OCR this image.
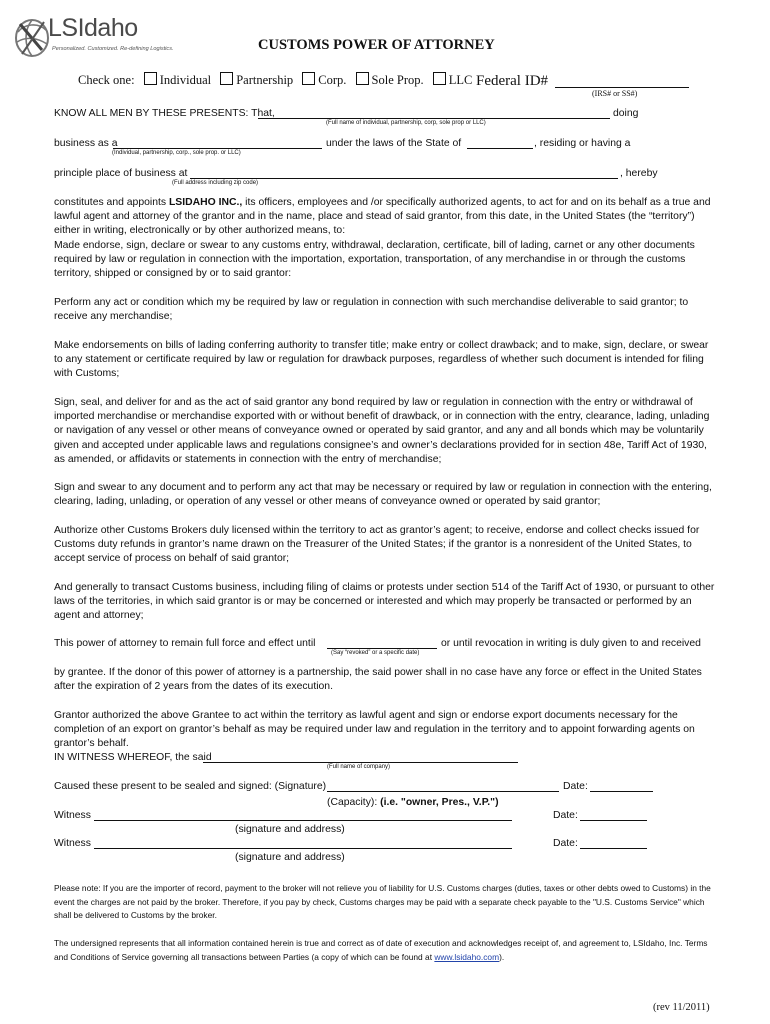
LSIdaho
Personalized. Customized. Re-defining Logistics.	CUSTOMS POWER OF ATTORNEY
Check one: Individual Partnership Corp. Sole Prop. LLC Federal ID#
(IRS# or SS#)
KNOW ALL MEN BY THESE PRESENTS: That,	doing
(Full name of individual, partnership, corp, sole prop or LLC)
business as a	under the laws of the State of	, residing or having a
(Individual, partnership, corp., sole prop. or LLC)
principle place of business at	, hereby
(Full address including zip code)
constitutes and appoints LSIDAHO INC., its officers, employees and /or specifically authorized agents, to act for and on its behalf as a true and lawful agent and attorney of the grantor and in the name, place and stead of said grantor, from this date, in the United States (the “territory”) either in writing, electronically or by other authorized means, to:
Made endorse, sign, declare or swear to any customs entry, withdrawal, declaration, certificate, bill of lading, carnet or any other documents required by law or regulation in connection with the importation, exportation, transportation, of any merchandise in or through the customs territory, shipped or consigned by or to said grantor:
Perform any act or condition which my be required by law or regulation in connection with such merchandise deliverable to said grantor; to receive any merchandise;
Make endorsements on bills of lading conferring authority to transfer title; make entry or collect drawback; and to make, sign, declare, or swear to any statement or certificate required by law or regulation for drawback purposes, regardless of whether such document is intended for filing with Customs;
Sign, seal, and deliver for and as the act of said grantor any bond required by law or regulation in connection with the entry or withdrawal of imported merchandise or merchandise exported with or without benefit of drawback, or in connection with the entry, clearance, lading, unlading or navigation of any vessel or other means of conveyance owned or operated by said grantor, and any and all bonds which may be voluntarily given and accepted under applicable laws and regulations consignee’s and owner’s declarations provided for in section 48e, Tariff Act of 1930, as amended, or affidavits or statements in connection with the entry of merchandise;
Sign and swear to any document and to perform any act that may be necessary or required by law or regulation in connection with the entering, clearing, lading, unlading, or operation of any vessel or other means of conveyance owned or operated by said grantor;
Authorize other Customs Brokers duly licensed within the territory to act as grantor’s agent; to receive, endorse and collect checks issued for Customs duty refunds in grantor’s name drawn on the Treasurer of the United States; if the grantor is a nonresident of the United States, to accept service of process on behalf of said grantor;
And generally to transact Customs business, including filing of claims or protests under section 514 of the Tariff Act of 1930, or pursuant to other laws of the territories, in which said grantor is or may be concerned or interested and which may properly be transacted or performed by an agent and attorney;
This power of attorney to remain full force and effect until	or until revocation in writing is duly given to and received
(Say “revoked” or a specific date)
by grantee. If the donor of this power of attorney is a partnership, the said power shall in no case have any force or effect in the United States after the expiration of 2 years from the dates of its execution.
Grantor authorized the above Grantee to act within the territory as lawful agent and sign or endorse export documents necessary for the completion of an export on grantor’s behalf as may be required under law and regulation in the territory and to appoint forwarding agents on grantor’s behalf.
IN WITNESS WHEREOF, the said
(Full name of company)
Caused these present to be sealed and signed: (Signature)	Date:
(Capacity): (i.e. "owner, Pres., V.P.")
Witness	Date:
(signature and address)
Witness	Date:
(signature and address)
Please note: If you are the importer of record, payment to the broker will not relieve you of liability for U.S. Customs charges (duties, taxes or other debts owed to Customs) in the event the charges are not paid by the broker. Therefore, if you pay by check, Customs charges may be paid with a separate check payable to the "U.S. Customs Service" which shall be delivered to Customs by the broker.
The undersigned represents that all information contained herein is true and correct as of date of execution and acknowledges receipt of, and agreement to, LSIdaho, Inc. Terms and Conditions of Service governing all transactions between Parties (a copy of which can be found at www.lsidaho.com).
(rev 11/2011)
